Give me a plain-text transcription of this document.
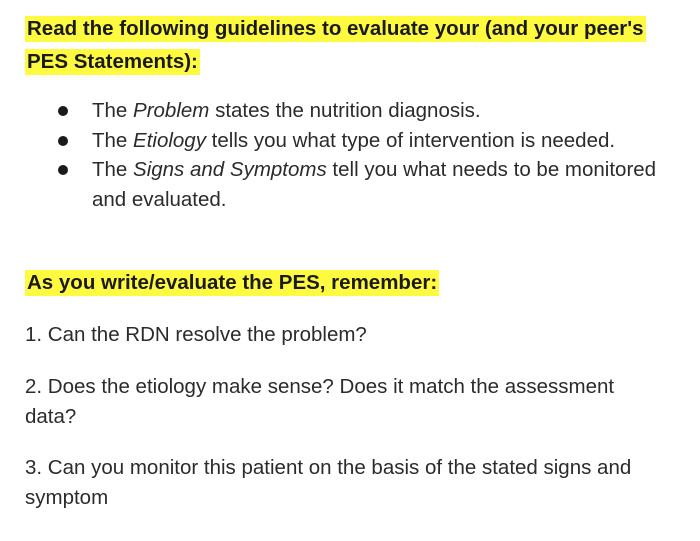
Read the following guidelines to evaluate your (and your peer's PES Statements):
The Problem states the nutrition diagnosis.
The Etiology tells you what type of intervention is needed.
The Signs and Symptoms tell you what needs to be monitored and evaluated.
As you write/evaluate the PES, remember:

1. Can the RDN resolve the problem?

2. Does the etiology make sense? Does it match the assessment data?

3. Can you monitor this patient on the basis of the stated signs and symptom
